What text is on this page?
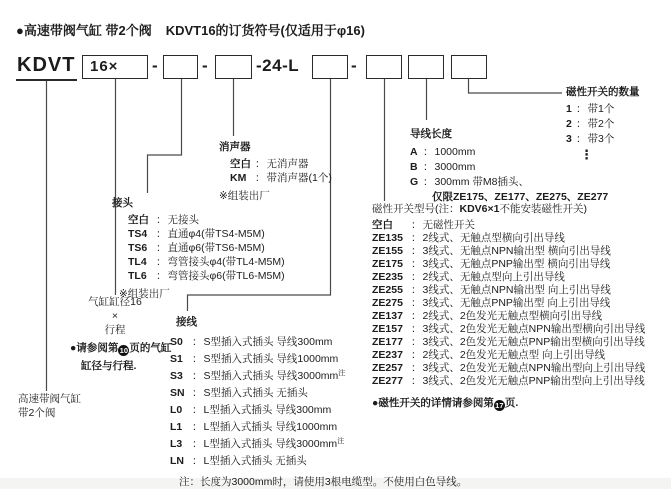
●高速带阀气缸 带2个阀 KDVT16的订货符号(仅适用于φ16)
KDVT 16×	-	-	-24-L	-
磁性开关的数量
1 ：带1个
2 ：带2个
3 ：带3个
⋮
导线长度
A ：1000mm
B ：3000mm
G ：300mm 带M8插头、
仅限ZE175、ZE177、ZE275、ZE277
磁性开关型号(注：KDV6×1不能安装磁性开关)
空白 ：无磁性开关
ZE135 ：2线式、无触点型横向引出导线
ZE155 ：3线式、无触点NPN输出型 横向引出导线
ZE175 ：3线式、无触点PNP输出型 横向引出导线
ZE235 ：2线式、无触点型向上引出导线
ZE255 ：3线式、无触点NPN输出型 向上引出导线
ZE275 ：3线式、无触点PNP输出型 向上引出导线
ZE137 ：2线式、2色发光无触点型横向引出导线
ZE157 ：3线式、2色发光无触点NPN输出型横向引出导线
ZE177 ：3线式、2色发光无触点PNP输出型横向引出导线
ZE237 ：2线式、2色发光无触点型 向上引出导线
ZE257 ：3线式、2色发光无触点NPN输出型向上引出导线
ZE277 ：3线式、2色发光无触点PNP输出型向上引出导线
●磁性开关的详情请参阅第17页.
接线
S0 ：S型插入式插头 导线300mm
S1 ：S型插入式插头 导线1000mm
S3 ：S型插入式插头 导线3000mm$^注$
SN ：S型插入式插头 无插头
L0 ：L型插入式插头 导线300mm
L1 ：L型插入式插头 导线1000mm
L3 ：L型插入式插头 导线3000mm$^注$
LN ：L型插入式插头 无插头
注：长度为3000mm时，请使用3根电缆型。不使用白色导线。
接头
空白 ：无接头
TS4 ：直通φ4(带TS4-M5M)
TS6 ：直通φ6(带TS6-M5M)
TL4 ：弯管接头φ4(带TL4-M5M)
TL6 ：弯管接头φ6(带TL6-M5M)
※组装出厂
消声器
空白 ：无消声器
KM ：带消声器(1个)
※组装出厂
气缸缸径16
×
行程
●请参阅第10页的气缸
缸径与行程.
高速带阀气缸
带2个阀
